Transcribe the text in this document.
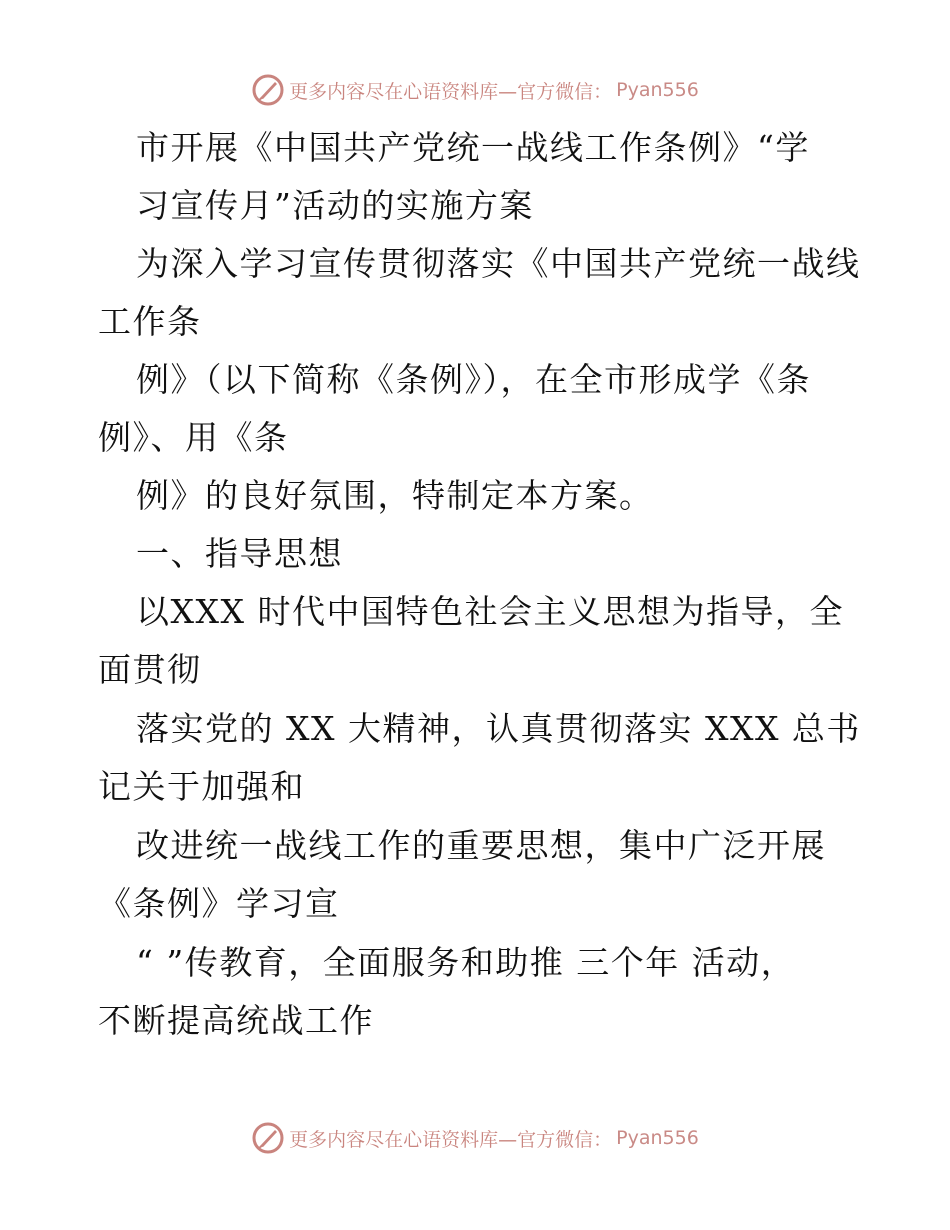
更多内容尽在心语资料库—官方微信： Pyan556
市开展《中国共产党统一战线工作条例》“学
习宣传月”活动的实施方案
为深入学习宣传贯彻落实《中国共产党统一战线
工作条
例》（以下简称《条例》），在全市形成学《条
例》、用《条
例》的良好氛围，特制定本方案。
一、指导思想
以XXX 时代中国特色社会主义思想为指导，全
面贯彻
落实党的 XX 大精神，认真贯彻落实 XXX 总书
记关于加强和
改进统一战线工作的重要思想，集中广泛开展
《条例》学习宣
“ ”传教育，全面服务和助推 三个年 活动，
不断提高统战工作
更多内容尽在心语资料库—官方微信： Pyan556
